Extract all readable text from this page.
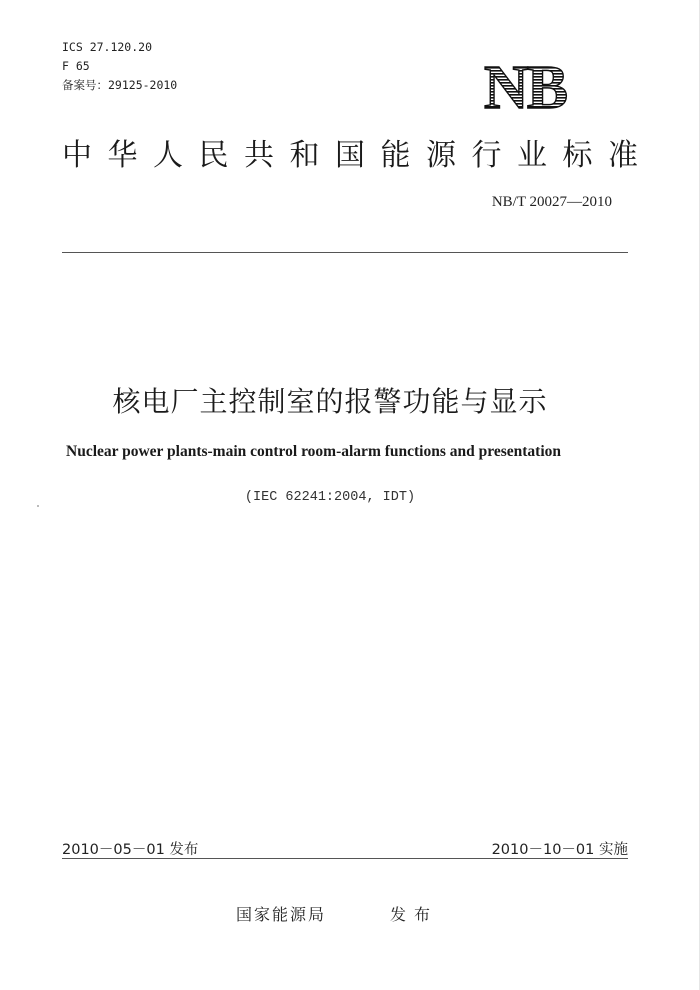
ICS 27.120.20
F 65
备案号：29125-2010	NB
中华人民共和国能源行业标准
NB/T 20027—2010
核电厂主控制室的报警功能与显示
Nuclear power plants-main control room-alarm functions and presentation
(IEC 62241:2004, IDT)
2010－05－01 发布	2010－10－01 实施
国家能源局	发布
